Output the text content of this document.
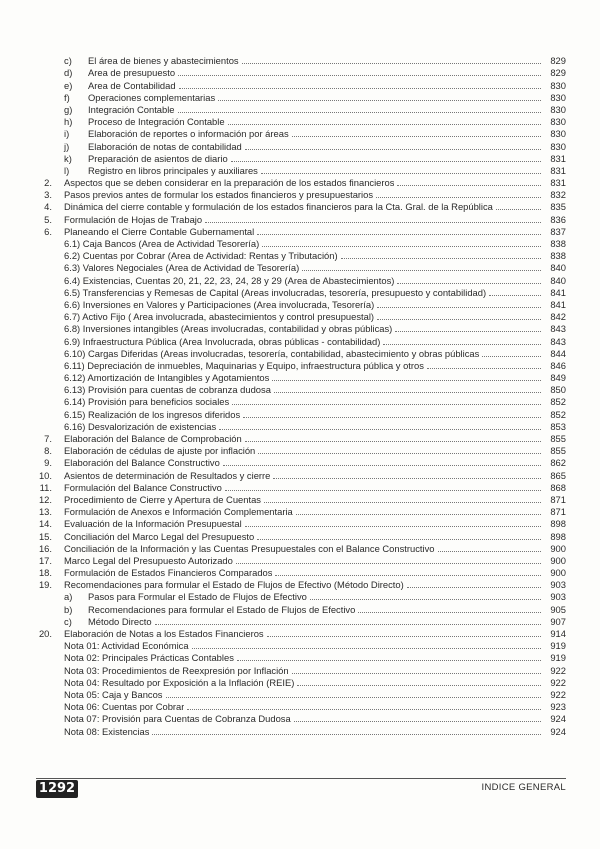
c)	El área de bienes y abastecimientos	829
d)	Area de presupuesto	829
e)	Area de Contabilidad	830
f)	Operaciones complementarias	830
g)	Integración Contable	830
h)	Proceso de Integración Contable	830
i)	Elaboración de reportes o información por áreas	830
j)	Elaboración de notas de contabilidad	830
k)	Preparación de asientos de diario	831
l)	Registro en libros principales y auxiliares	831
2. Aspectos que se deben considerar en la preparación de los estados financieros	831
3. Pasos previos antes de formular los estados financieros y presupuestarios	832
4. Dinámica del cierre contable y formulación de los estados financieros para la Cta. Gral. de la República	835
5. Formulación de Hojas de Trabajo	836
6. Planeando el Cierre Contable Gubernamental	837
6.1) Caja Bancos (Area de Actividad Tesorería)	838
6.2) Cuentas por Cobrar (Area de Actividad: Rentas y Tributación)	838
6.3) Valores Negociales (Area de Actividad de Tesorería)	840
6.4) Existencias, Cuentas 20, 21, 22, 23, 24, 28 y 29 (Area de Abastecimientos)	840
6.5) Transferencias y Remesas de Capital (Areas involucradas, tesorería, presupuesto y contabilidad)	841
6.6) Inversiones en Valores y Participaciones (Area involucrada, Tesorería)	841
6.7) Activo Fijo ( Area involucrada, abastecimientos y control presupuestal)	842
6.8) Inversiones intangibles (Areas involucradas, contabilidad y obras públicas)	843
6.9) Infraestructura Pública (Area Involucrada, obras públicas - contabilidad)	843
6.10) Cargas Diferidas (Areas involucradas, tesorería, contabilidad, abastecimiento y obras públicas	844
6.11) Depreciación de inmuebles, Maquinarias y Equipo, infraestructura pública y otros	846
6.12) Amortización de Intangibles y Agotamientos	849
6.13) Provisión para cuentas de cobranza dudosa	850
6.14) Provisión para beneficios sociales	852
6.15) Realización de los ingresos diferidos	852
6.16) Desvalorización de existencias	853
7. Elaboración del Balance de Comprobación	855
8. Elaboración de cédulas de ajuste por inflación	855
9. Elaboración del Balance Constructivo	862
10. Asientos de determinación de Resultados y cierre	865
11. Formulación del Balance Constructivo	868
12. Procedimiento de Cierre y Apertura de Cuentas	871
13. Formulación de Anexos e Información Complementaria	871
14. Evaluación de la Información Presupuestal	898
15. Conciliación del Marco Legal del Presupuesto	898
16. Conciliación de la Información y las Cuentas Presupuestales con el Balance Constructivo	900
17. Marco Legal del Presupuesto Autorizado	900
18. Formulación de Estados Financieros Comparados	900
19. Recomendaciones para formular el Estado de Flujos de Efectivo (Método Directo)	903
a)	Pasos para Formular el Estado de Flujos de Efectivo	903
b)	Recomendaciones para formular el Estado de Flujos de Efectivo	905
c)	Método Directo	907
20. Elaboración de Notas a los Estados Financieros	914
Nota 01: Actividad Económica	919
Nota 02: Principales Prácticas Contables	919
Nota 03: Procedimientos de Reexpresión por Inflación	922
Nota 04: Resultado por Exposición a la Inflación (REIE)	922
Nota 05: Caja y Bancos	922
Nota 06: Cuentas por Cobrar	923
Nota 07: Provisión para Cuentas de Cobranza Dudosa	924
Nota 08: Existencias	924
1292	INDICE GENERAL
